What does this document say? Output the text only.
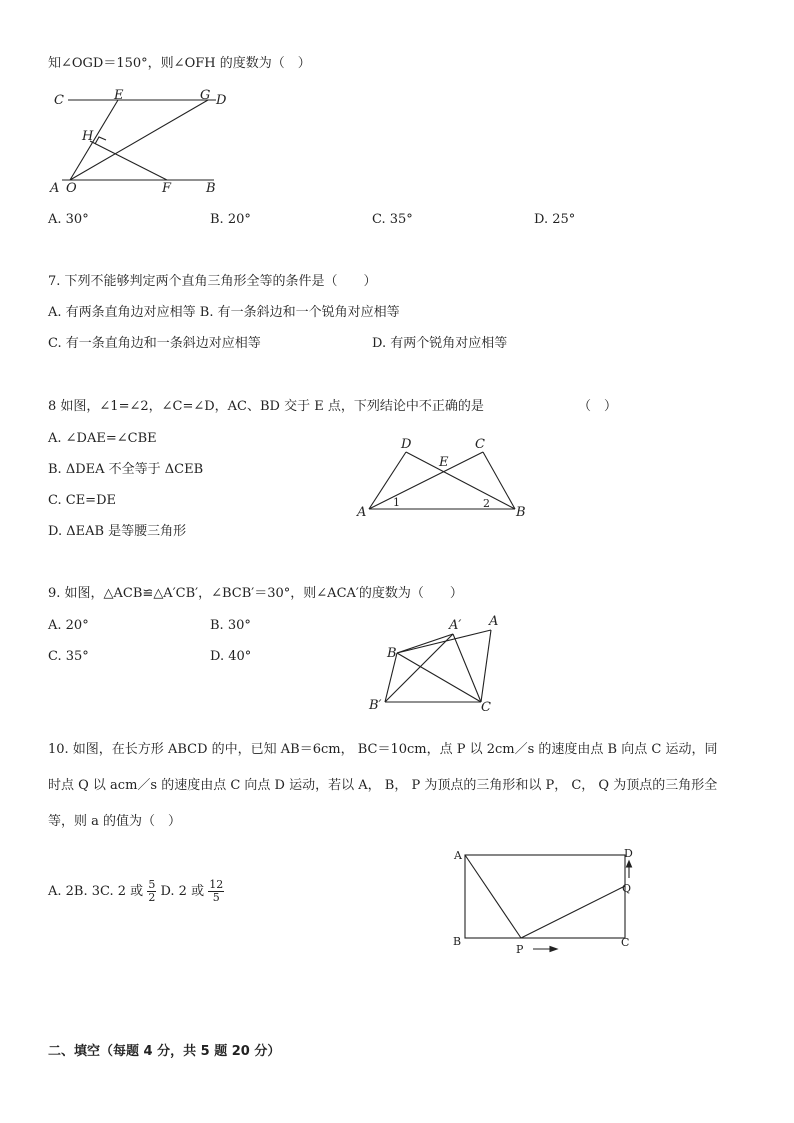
知∠OGD＝150°，则∠OFH 的度数为（　）
C	E	G D
H
A O	F	B
A. 30°	B. 20°	C. 35°	D. 25°
7. 下列不能够判定两个直角三角形全等的条件是（　　）
A. 有两条直角边对应相等 B. 有一条斜边和一个锐角对应相等
C. 有一条直角边和一条斜边对应相等	D. 有两个锐角对应相等
8 如图，∠1=∠2，∠C=∠D，AC、BD 交于 E 点，下列结论中不正确的是	（　）
A. ∠DAE=∠CBE
B. ΔDEA 不全等于 ΔCEB
C. CE=DE
D. ΔEAB 是等腰三角形
D	C
E
A	B
1	2
9. 如图，△ACB≌△A′CB′，∠BCB′＝30°，则∠ACA′的度数为（　　）
A. 20°	B. 30°
C. 35°	D. 40°
A′ A
B
B′	C
10. 如图，在长方形 ABCD 的中，已知 AB＝6cm， BC＝10cm，点 P 以 2cm／s 的速度由点 B 向点 C 运动，同
时点 Q 以 acm／s 的速度由点 C 向点 D 运动，若以 A， B， P 为顶点的三角形和以 P， C， Q 为顶点的三角形全
等，则 a 的值为（　）
A. 2B. 3C. 2 或 $\frac{5}{2} D$. 2 或 $\frac{12}{5}$
A	D
Q
B
P
C
二、填空（每题 4 分，共 5 题 20 分）
